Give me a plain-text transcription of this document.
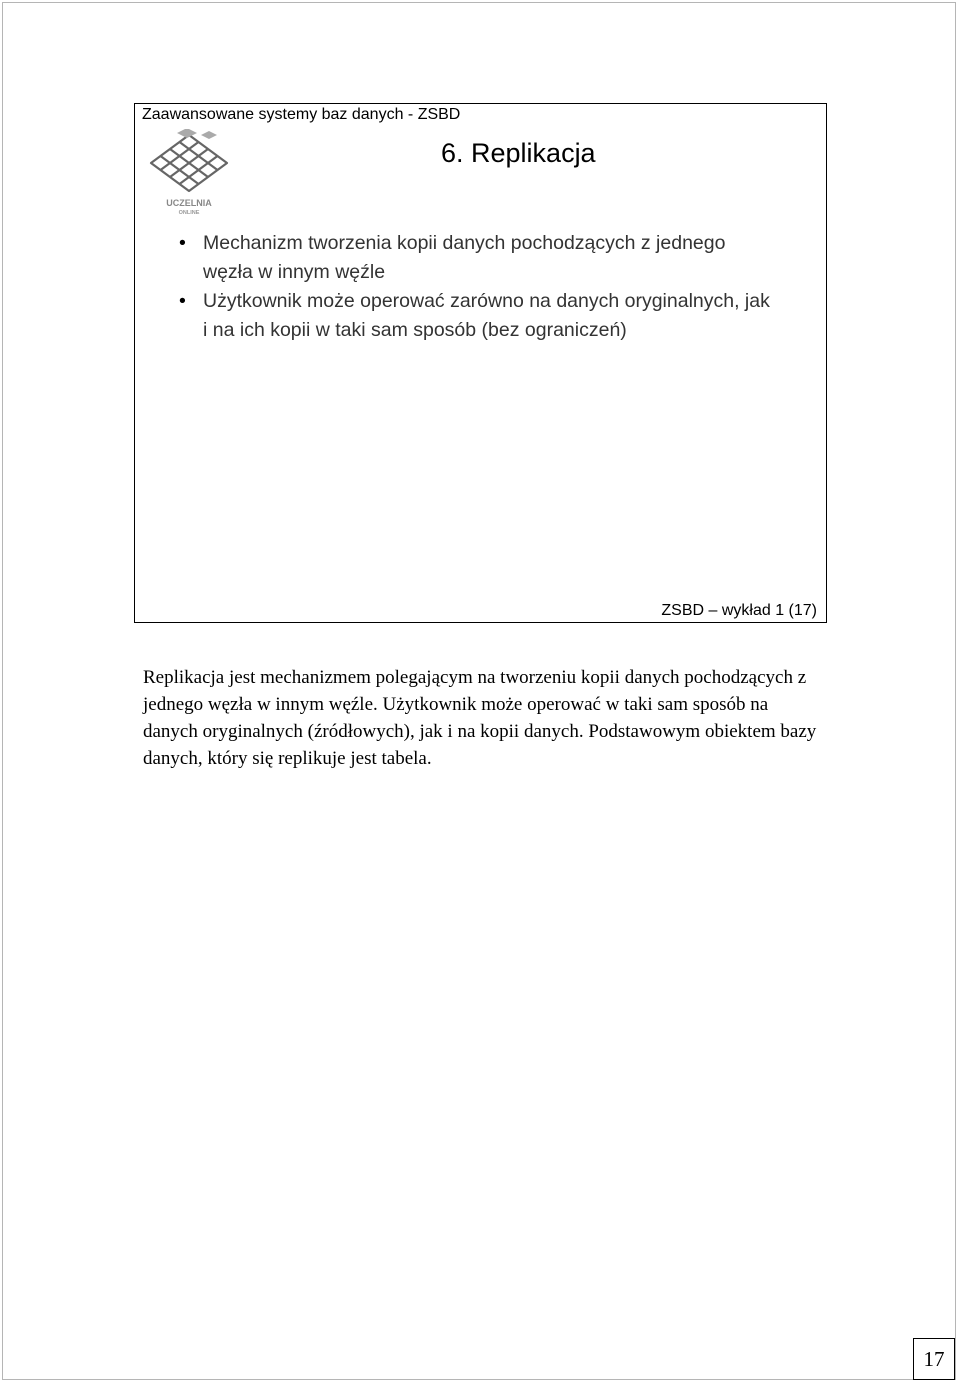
Zaawansowane systemy baz danych - ZSBD
UCZELNIA
ONLINE
6. Replikacja
• Mechanizm tworzenia kopii danych pochodzących z jednego węzła w innym węźle
• Użytkownik może operować zarówno na danych oryginalnych, jak i na ich kopii w taki sam sposób (bez ograniczeń)
ZSBD – wykład 1 (17)

Replikacja jest mechanizmem polegającym na tworzeniu kopii danych pochodzących z jednego węzła w innym węźle. Użytkownik może operować w taki sam sposób na danych oryginalnych (źródłowych), jak i na kopii danych. Podstawowym obiektem bazy danych, który się replikuje jest tabela.

17
